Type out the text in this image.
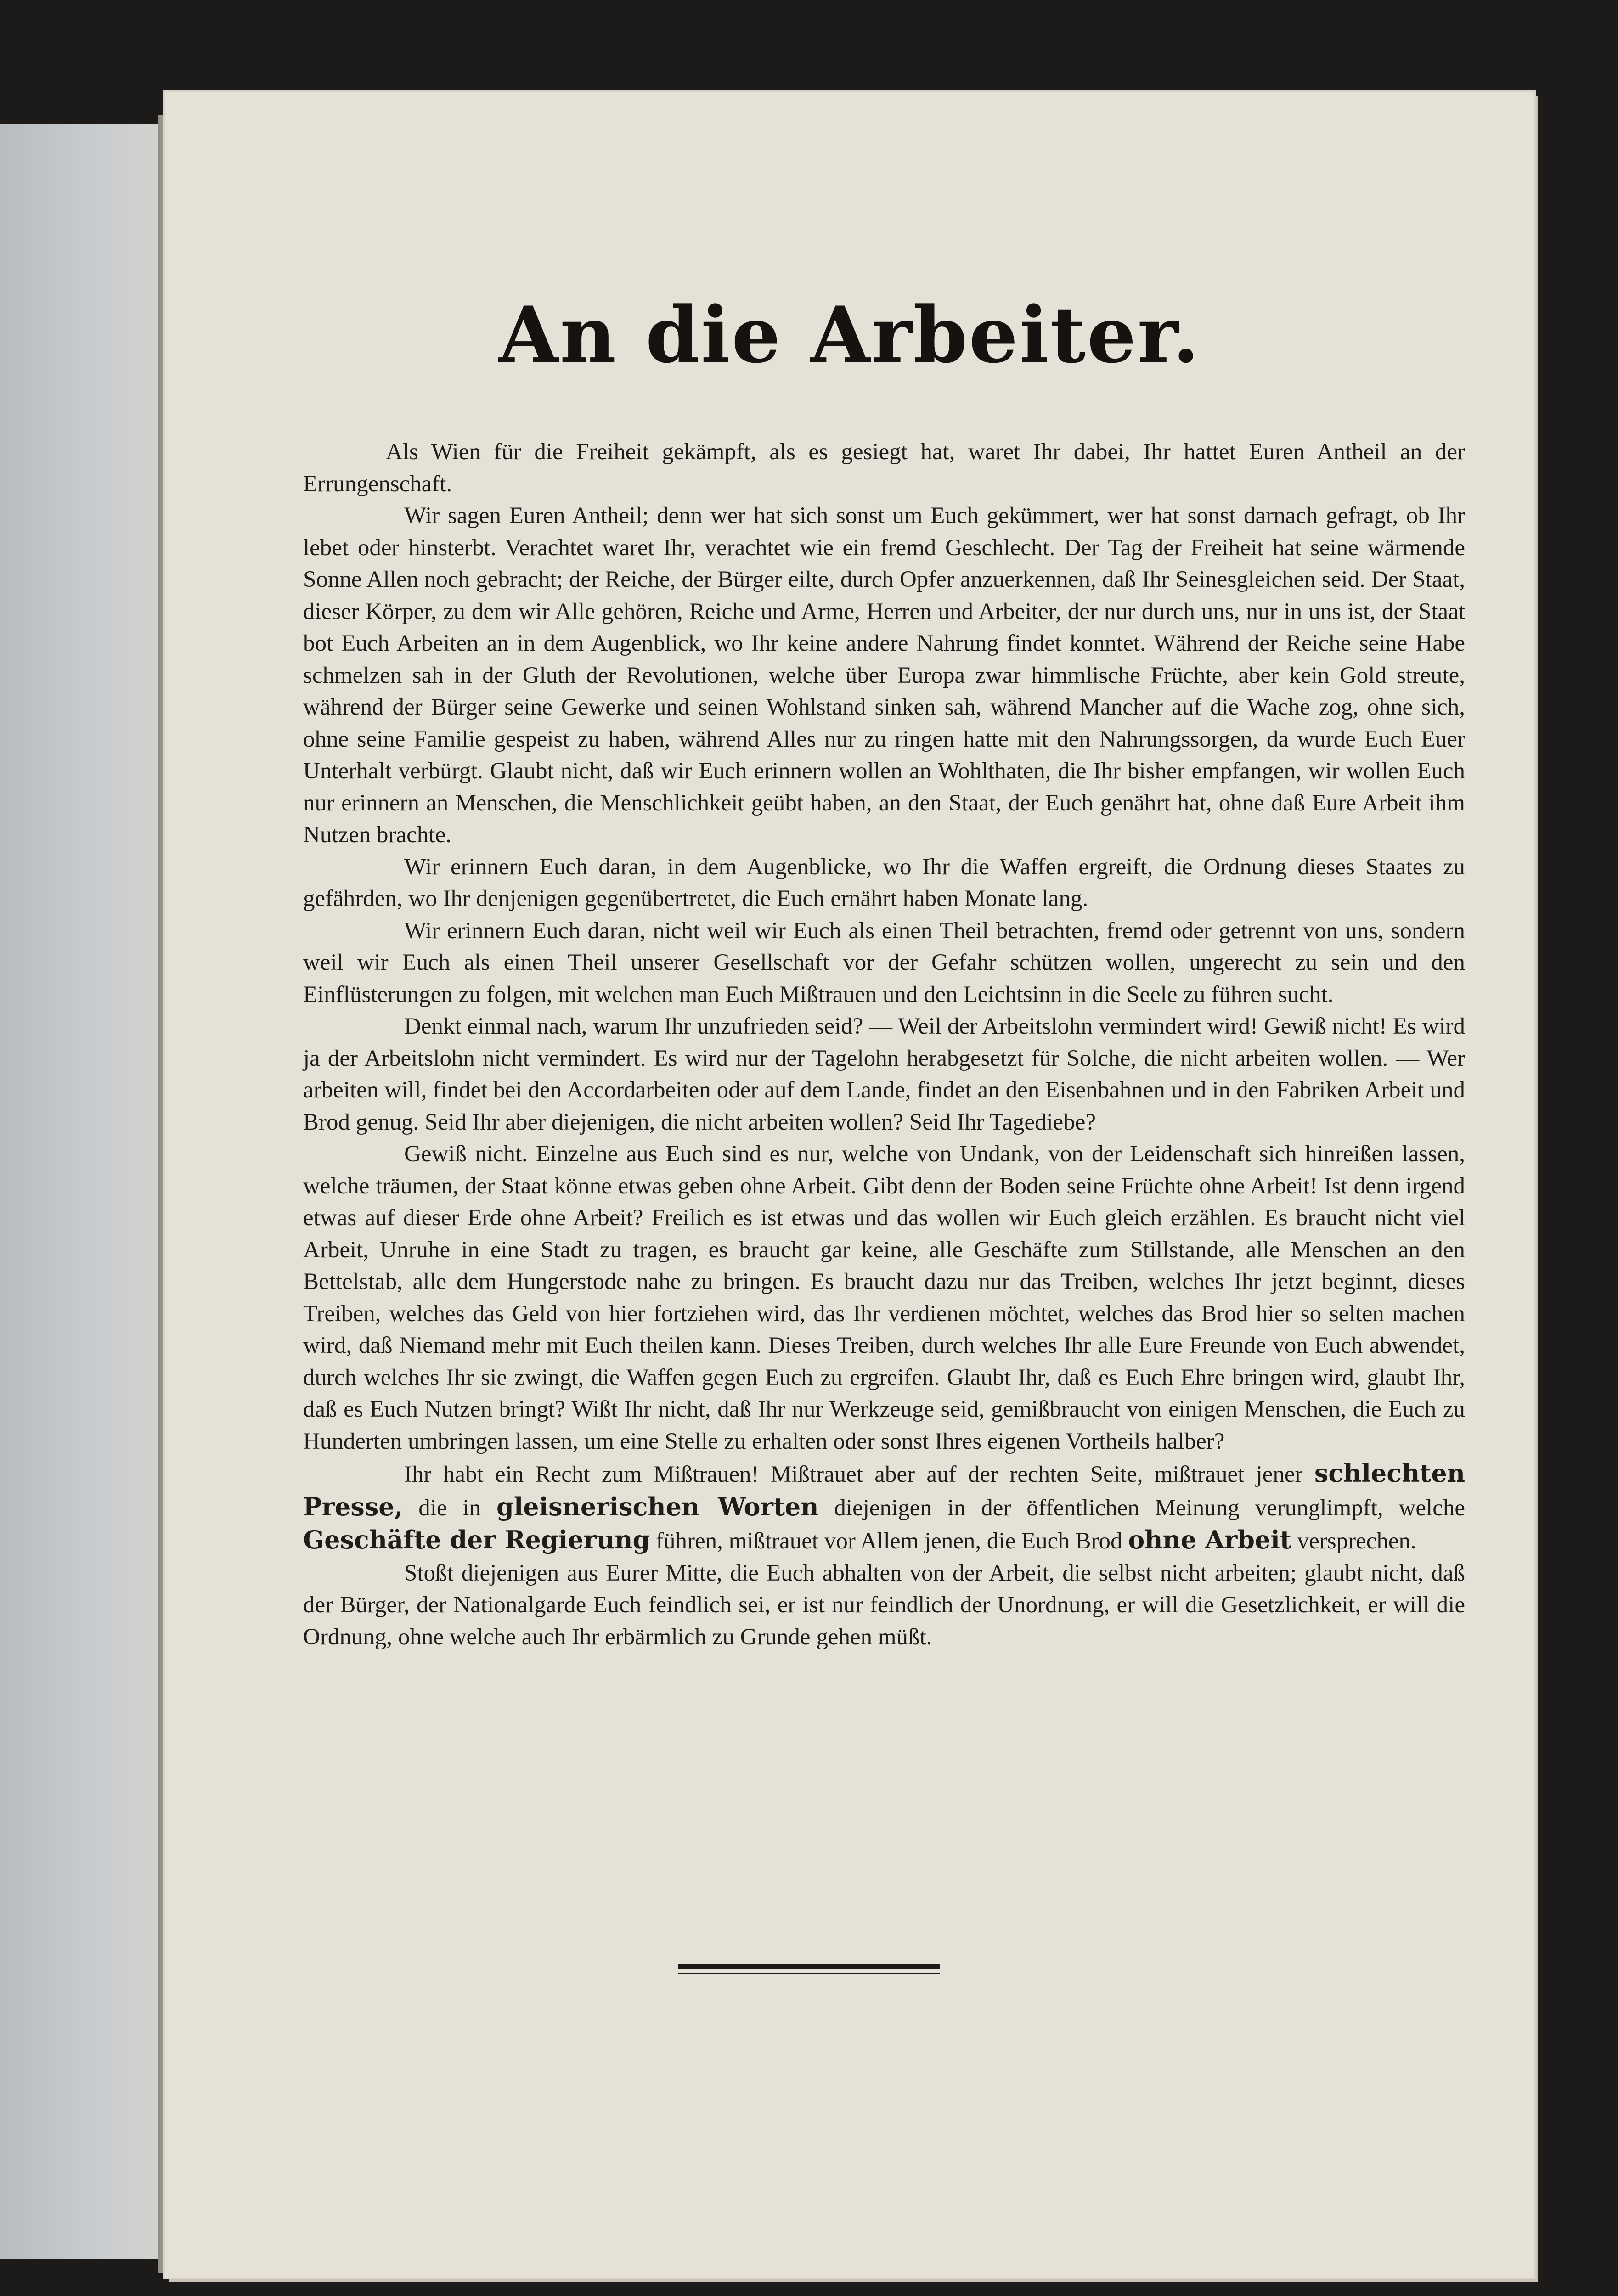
An die Arbeiter.

Als Wien für die Freiheit gekämpft, als es gesiegt hat, waret Ihr dabei, Ihr hattet Euren Antheil an der Errungenschaft.

Wir sagen Euren Antheil; denn wer hat sich sonst um Euch gekümmert, wer hat sonst darnach gefragt, ob Ihr lebet oder hinsterbt. Verachtet waret Ihr, verachtet wie ein fremd Geschlecht. Der Tag der Freiheit hat seine wärmende Sonne Allen noch gebracht; der Reiche, der Bürger eilte, durch Opfer anzuerkennen, daß Ihr Seinesgleichen seid. Der Staat, dieser Körper, zu dem wir Alle gehören, Reiche und Arme, Herren und Arbeiter, der nur durch uns, nur in uns ist, der Staat bot Euch Arbeiten an in dem Augenblick, wo Ihr keine andere Nahrung findet konntet. Während der Reiche seine Habe schmelzen sah in der Gluth der Revolutionen, welche über Europa zwar himmlische Früchte, aber kein Gold streute, während der Bürger seine Gewerke und seinen Wohlstand sinken sah, während Mancher auf die Wache zog, ohne sich, ohne seine Familie gespeist zu haben, während Alles nur zu ringen hatte mit den Nahrungssorgen, da wurde Euch Euer Unterhalt verbürgt. Glaubt nicht, daß wir Euch erinnern wollen an Wohlthaten, die Ihr bisher empfangen, wir wollen Euch nur erinnern an Menschen, die Menschlichkeit geübt haben, an den Staat, der Euch genährt hat, ohne daß Eure Arbeit ihm Nutzen brachte.

Wir erinnern Euch daran, in dem Augenblicke, wo Ihr die Waffen ergreift, die Ordnung dieses Staates zu gefährden, wo Ihr denjenigen gegenübertretet, die Euch ernährt haben Monate lang.

Wir erinnern Euch daran, nicht weil wir Euch als einen Theil betrachten, fremd oder getrennt von uns, sondern weil wir Euch als einen Theil unserer Gesellschaft vor der Gefahr schützen wollen, ungerecht zu sein und den Einflüsterungen zu folgen, mit welchen man Euch Mißtrauen und den Leichtsinn in die Seele zu führen sucht.

Denkt einmal nach, warum Ihr unzufrieden seid? — Weil der Arbeitslohn vermindert wird! Gewiß nicht! Es wird ja der Arbeitslohn nicht vermindert. Es wird nur der Tagelohn herabgesetzt für Solche, die nicht arbeiten wollen. — Wer arbeiten will, findet bei den Accordarbeiten oder auf dem Lande, findet an den Eisenbahnen und in den Fabriken Arbeit und Brod genug. Seid Ihr aber diejenigen, die nicht arbeiten wollen? Seid Ihr Tagediebe?

Gewiß nicht. Einzelne aus Euch sind es nur, welche von Undank, von der Leidenschaft sich hinreißen lassen, welche träumen, der Staat könne etwas geben ohne Arbeit. Gibt denn der Boden seine Früchte ohne Arbeit! Ist denn irgend etwas auf dieser Erde ohne Arbeit? Freilich es ist etwas und das wollen wir Euch gleich erzählen. Es braucht nicht viel Arbeit, Unruhe in eine Stadt zu tragen, es braucht gar keine, alle Geschäfte zum Stillstande, alle Menschen an den Bettelstab, alle dem Hungerstode nahe zu bringen. Es braucht dazu nur das Treiben, welches Ihr jetzt beginnt, dieses Treiben, welches das Geld von hier fortziehen wird, das Ihr verdienen möchtet, welches das Brod hier so selten machen wird, daß Niemand mehr mit Euch theilen kann. Dieses Treiben, durch welches Ihr alle Eure Freunde von Euch abwendet, durch welches Ihr sie zwingt, die Waffen gegen Euch zu ergreifen. Glaubt Ihr, daß es Euch Ehre bringen wird, glaubt Ihr, daß es Euch Nutzen bringt? Wißt Ihr nicht, daß Ihr nur Werkzeuge seid, gemißbraucht von einigen Menschen, die Euch zu Hunderten umbringen lassen, um eine Stelle zu erhalten oder sonst Ihres eigenen Vortheils halber?

Ihr habt ein Recht zum Mißtrauen! Mißtrauet aber auf der rechten Seite, mißtrauet jener schlechten Presse, die in gleisnerischen Worten diejenigen in der öffentlichen Meinung verunglimpft, welche Geschäfte der Regierung führen, mißtrauet vor Allem jenen, die Euch Brod ohne Arbeit versprechen.

Stoßt diejenigen aus Eurer Mitte, die Euch abhalten von der Arbeit, die selbst nicht arbeiten; glaubt nicht, daß der Bürger, der Nationalgarde Euch feindlich sei, er ist nur feindlich der Unordnung, er will die Gesetzlichkeit, er will die Ordnung, ohne welche auch Ihr erbärmlich zu Grunde gehen müßt.
